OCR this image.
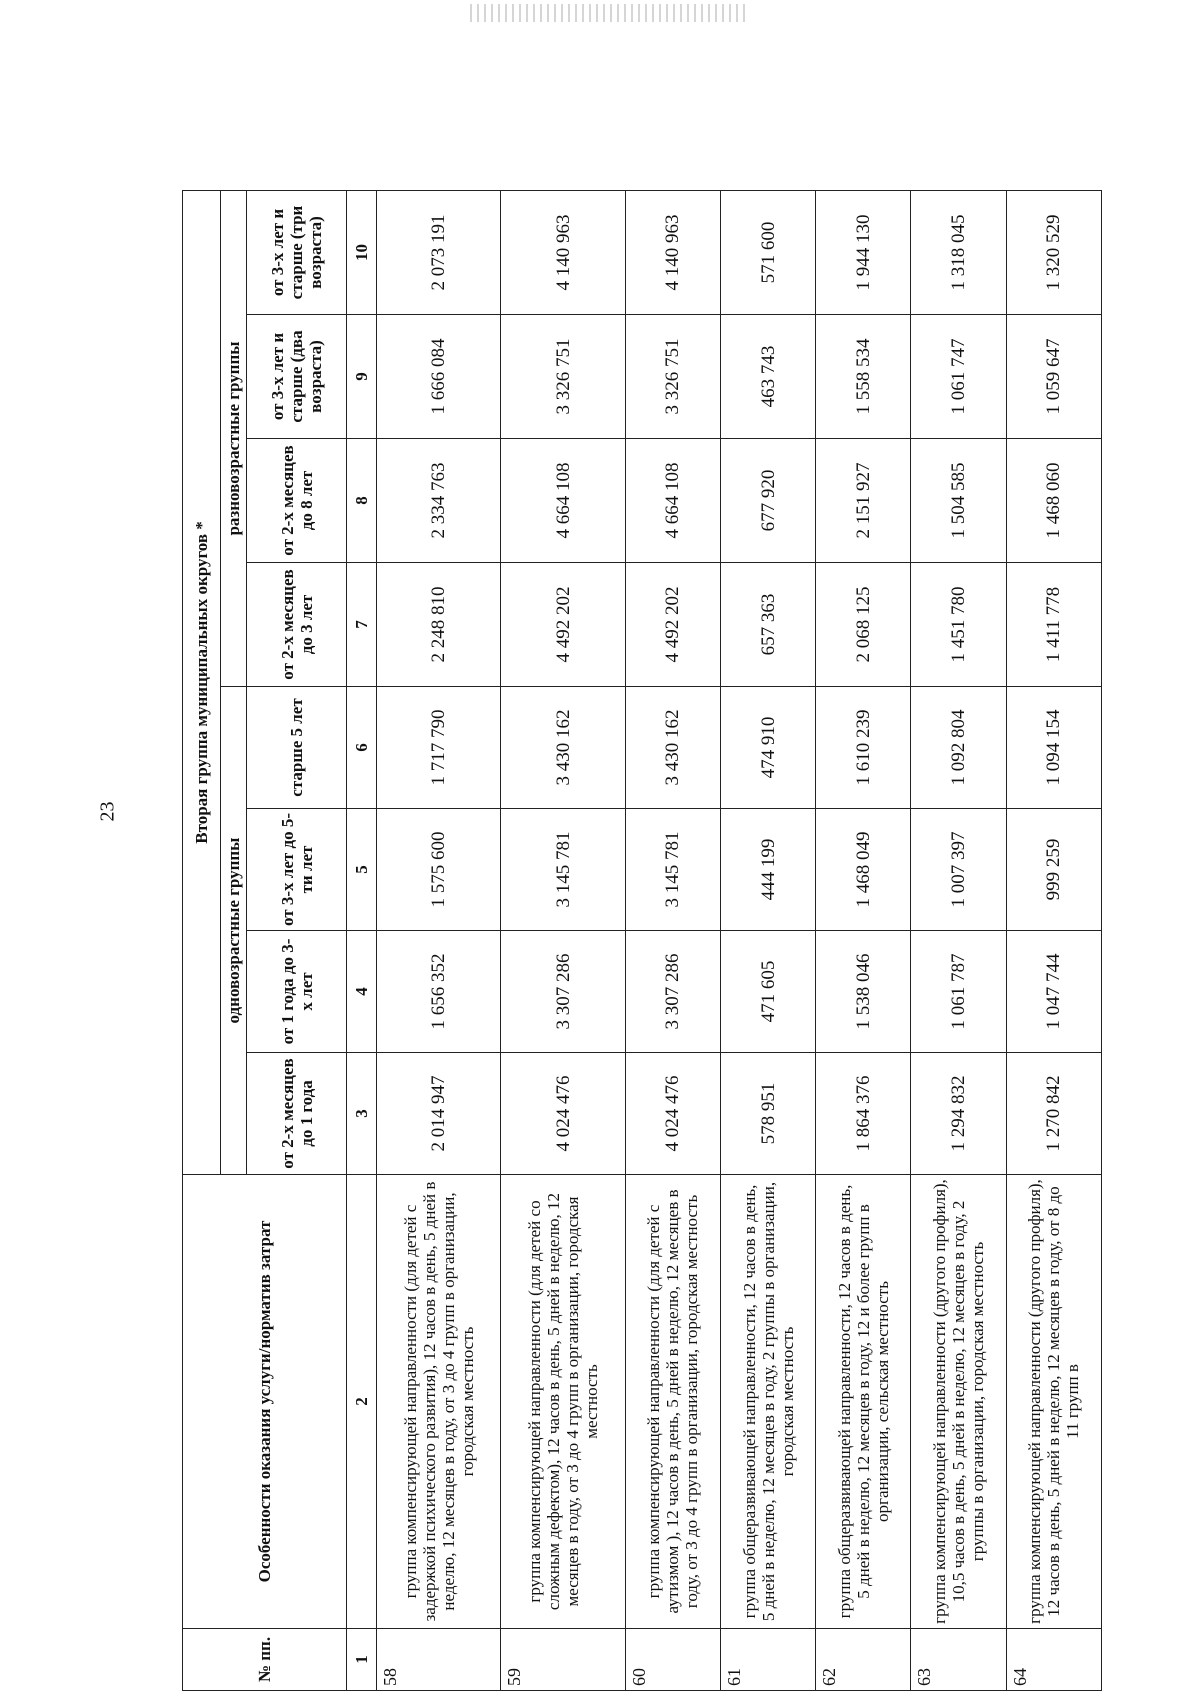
23
№ пп.	Особенности оказания услуги/норматив затрат	Вторая группа муниципальных округов *							
		одновозрастные группы				разновозрастные группы			
		от 2-х месяцев до 1 года	от 1 года до 3-х лет	от 3-х лет до 5-ти лет	старше 5 лет	от 2-х месяцев до 3 лет	от 2-х месяцев до 8 лет	от 3-х лет и старше (два возраста)	от 3-х лет и старше (три возраста)
1	2	3	4	5	6	7	8	9	10
58	группа компенсирующей направленности (для детей с задержкой психического развития), 12 часов в день, 5 дней в неделю, 12 месяцев в году, от 3 до 4 групп в организации, городская местность	2 014 947	1 656 352	1 575 600	1 717 790	2 248 810	2 334 763	1 666 084	2 073 191
59	группа компенсирующей направленности (для детей со сложным дефектом), 12 часов в день, 5 дней в неделю, 12 месяцев в году, от 3 до 4 групп в организации, городская местность	4 024 476	3 307 286	3 145 781	3 430 162	4 492 202	4 664 108	3 326 751	4 140 963
60	группа компенсирующей направленности (для детей с аутизмом ), 12 часов в день, 5 дней в неделю, 12 месяцев в году, от 3 до 4 групп в организации, городская местность	4 024 476	3 307 286	3 145 781	3 430 162	4 492 202	4 664 108	3 326 751	4 140 963
61	группа общеразвивающей направленности, 12 часов в день, 5 дней в неделю, 12 месяцев в году, 2 группы в организации, городская местность	578 951	471 605	444 199	474 910	657 363	677 920	463 743	571 600
62	группа общеразвивающей направленности, 12 часов в день, 5 дней в неделю, 12 месяцев в году, 12 и более групп в организации, сельская местность	1 864 376	1 538 046	1 468 049	1 610 239	2 068 125	2 151 927	1 558 534	1 944 130
63	группа компенсирующей направленности (другого профиля), 10,5 часов в день, 5 дней в неделю, 12 месяцев в году, 2 группы в организации, городская местность	1 294 832	1 061 787	1 007 397	1 092 804	1 451 780	1 504 585	1 061 747	1 318 045
64	группа компенсирующей направленности (другого профиля), 12 часов в день, 5 дней в неделю, 12 месяцев в году, от 8 до 11 групп в	1 270 842	1 047 744	999 259	1 094 154	1 411 778	1 468 060	1 059 647	1 320 529
